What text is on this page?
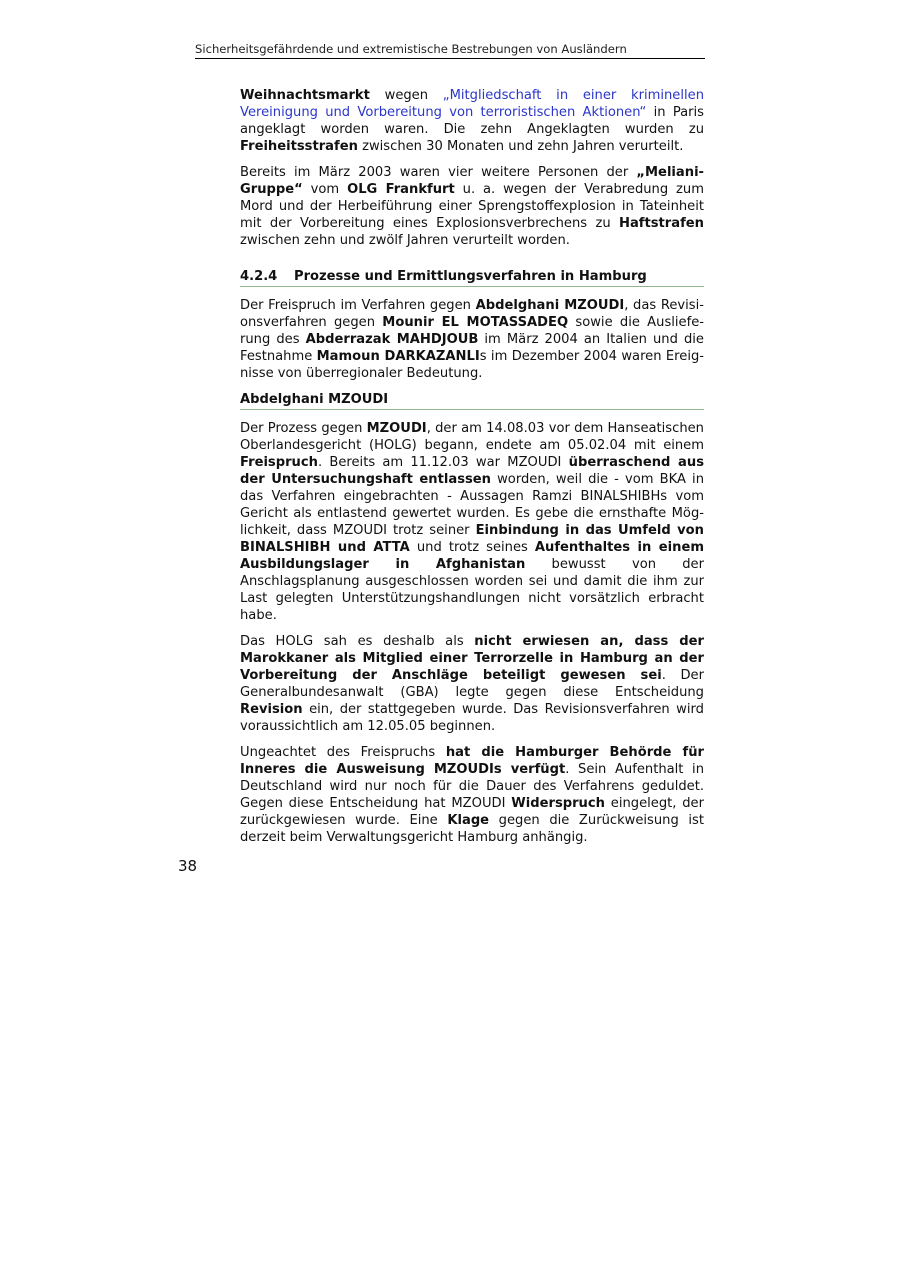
Sicherheitsgefährdende und extremistische Bestrebungen von Ausländern

Weihnachtsmarkt wegen „Mitgliedschaft in einer kriminellen Vereinigung und Vorbereitung von terroristischen Aktionen“ in Paris angeklagt worden waren. Die zehn Angeklagten wurden zu Freiheitsstrafen zwischen 30 Monaten und zehn Jahren verurteilt.

Bereits im März 2003 waren vier weitere Personen der „Meliani-Gruppe“ vom OLG Frankfurt u. a. wegen der Verabredung zum Mord und der Herbeiführung einer Sprengstoffexplosion in Tateinheit mit der Vorbereitung eines Explosionsverbrechens zu Haftstrafen zwischen zehn und zwölf Jahren verurteilt worden.

4.2.4 Prozesse und Ermittlungsverfahren in Hamburg

Der Freispruch im Verfahren gegen Abdelghani MZOUDI, das Revisionsverfahren gegen Mounir EL MOTASSADEQ sowie die Auslieferung des Abderrazak MAHDJOUB im März 2004 an Italien und die Festnahme Mamoun DARKAZANLIs im Dezember 2004 waren Ereignisse von überregionaler Bedeutung.

Abdelghani MZOUDI

Der Prozess gegen MZOUDI, der am 14.08.03 vor dem Hanseatischen Oberlandesgericht (HOLG) begann, endete am 05.02.04 mit einem Freispruch. Bereits am 11.12.03 war MZOUDI überraschend aus der Untersuchungshaft entlassen worden, weil die - vom BKA in das Verfahren eingebrachten - Aussagen Ramzi BINALSHIBHs vom Gericht als entlastend gewertet wurden. Es gebe die ernsthafte Möglichkeit, dass MZOUDI trotz seiner Einbindung in das Umfeld von BINALSHIBH und ATTA und trotz seines Aufenthaltes in einem Ausbildungslager in Afghanistan bewusst von der Anschlagsplanung ausgeschlossen worden sei und damit die ihm zur Last gelegten Unterstützungshandlungen nicht vorsätzlich erbracht habe.

Das HOLG sah es deshalb als nicht erwiesen an, dass der Marokkaner als Mitglied einer Terrorzelle in Hamburg an der Vorbereitung der Anschläge beteiligt gewesen sei. Der Generalbundesanwalt (GBA) legte gegen diese Entscheidung Revision ein, der stattgegeben wurde. Das Revisionsverfahren wird voraussichtlich am 12.05.05 beginnen.

Ungeachtet des Freispruchs hat die Hamburger Behörde für Inneres die Ausweisung MZOUDIs verfügt. Sein Aufenthalt in Deutschland wird nur noch für die Dauer des Verfahrens geduldet. Gegen diese Entscheidung hat MZOUDI Widerspruch eingelegt, der zurückgewiesen wurde. Eine Klage gegen die Zurückweisung ist derzeit beim Verwaltungsgericht Hamburg anhängig.

38
